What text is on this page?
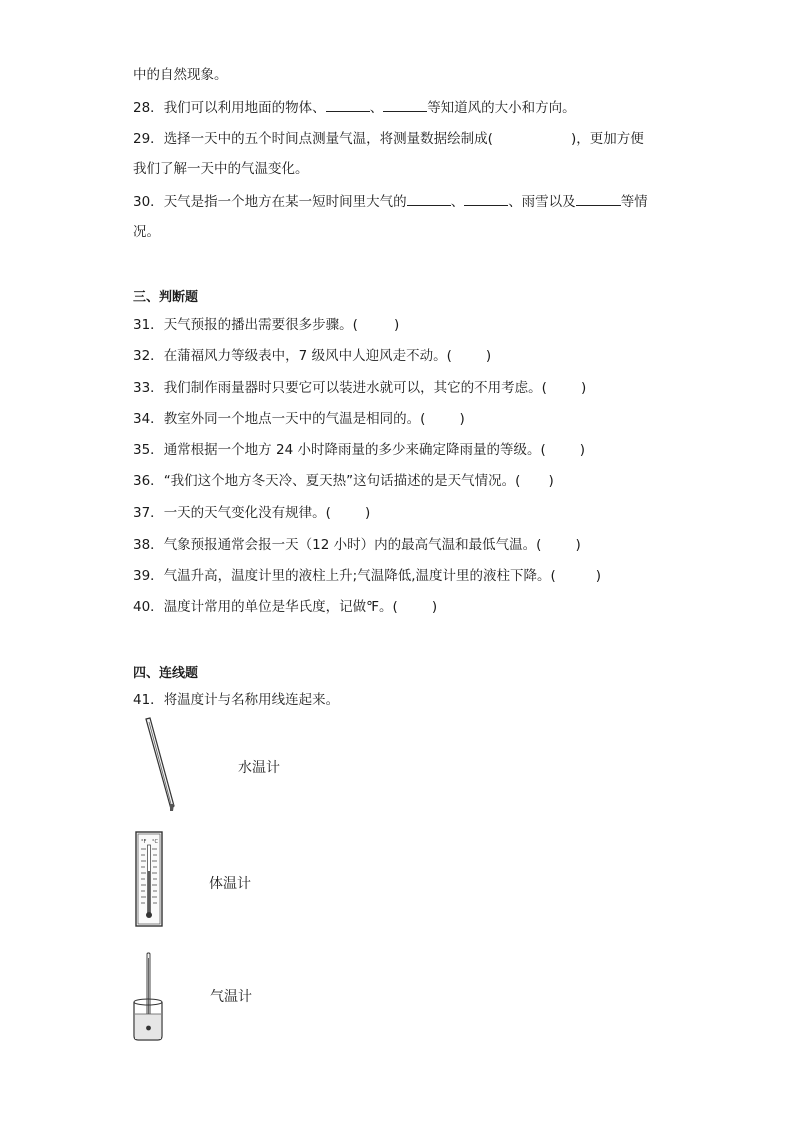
中的自然现象。
28．我们可以利用地面的物体、	、	等知道风的大小和方向。
29．选择一天中的五个时间点测量气温，将测量数据绘制成(	)，更加方便
我们了解一天中的气温变化。
30．天气是指一个地方在某一短时间里大气的	、	、雨雪以及	等情
况。
三、判断题
31．天气预报的播出需要很多步骤。(	)
32．在蒲福风力等级表中，7 级风中人迎风走不动。(	)
33．我们制作雨量器时只要它可以装进水就可以，其它的不用考虑。(	)
34．教室外同一个地点一天中的气温是相同的。(	)
35．通常根据一个地方 24 小时降雨量的多少来确定降雨量的等级。(	)
36．“我们这个地方冬天冷、夏天热”这句话描述的是天气情况。( )
37．一天的天气变化没有规律。(	)
38．气象预报通常会报一天（12 小时）内的最高气温和最低气温。(	)
39．气温升高，温度计里的液柱上升;气温降低,温度计里的液柱下降。(	)
40．温度计常用的单位是华氏度，记做℉。(	)
四、连线题
41．将温度计与名称用线连起来。
水温计
°F °C
体温计
气温计
